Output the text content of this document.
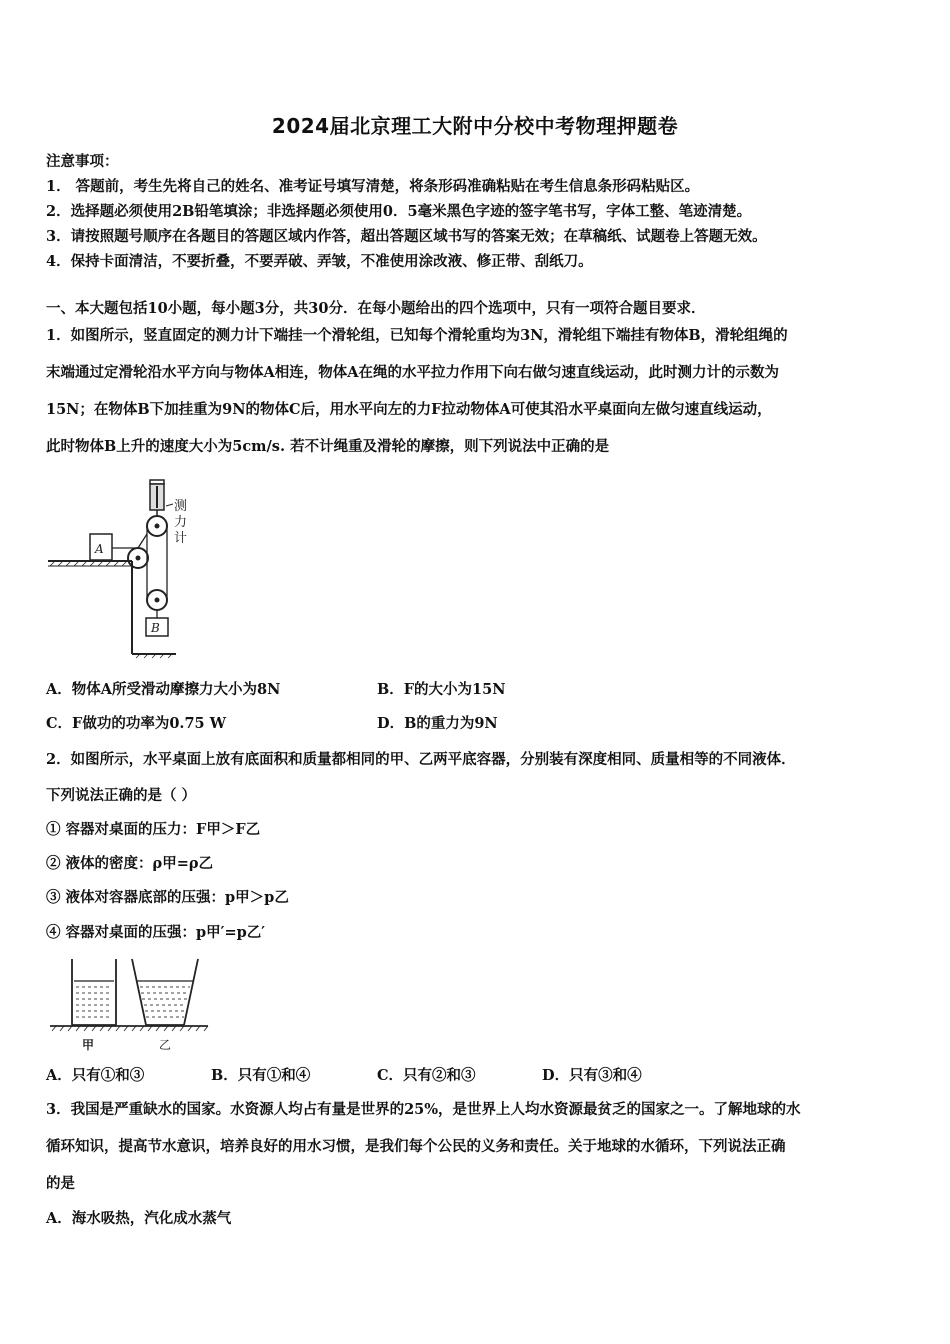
2024届北京理工大附中分校中考物理押题卷
注意事项：
1． 答题前，考生先将自己的姓名、准考证号填写清楚，将条形码准确粘贴在考生信息条形码粘贴区。
2．选择题必须使用2B铅笔填涂；非选择题必须使用0．5毫米黑色字迹的签字笔书写，字体工整、笔迹清楚。
3．请按照题号顺序在各题目的答题区域内作答，超出答题区域书写的答案无效；在草稿纸、试题卷上答题无效。
4．保持卡面清洁，不要折叠，不要弄破、弄皱，不准使用涂改液、修正带、刮纸刀。
一、本大题包括10小题，每小题3分，共30分．在每小题给出的四个选项中，只有一项符合题目要求．
1．如图所示，竖直固定的测力计下端挂一个滑轮组，已知每个滑轮重均为3N，滑轮组下端挂有物体B，滑轮组绳的
末端通过定滑轮沿水平方向与物体A相连，物体A在绳的水平拉力作用下向右做匀速直线运动，此时测力计的示数为
15N；在物体B下加挂重为9N的物体C后，用水平向左的力F拉动物体A可使其沿水平桌面向左做匀速直线运动，
此时物体B上升的速度大小为5cm/s. 若不计绳重及滑轮的摩擦，则下列说法中正确的是
测
力
计
A
B
A．物体A所受滑动摩擦力大小为8N	B．F的大小为15N
C．F做功的功率为0.75 W	D．B的重力为9N
2．如图所示，水平桌面上放有底面积和质量都相同的甲、乙两平底容器，分别装有深度相同、质量相等的不同液体．
下列说法正确的是（ ）
① 容器对桌面的压力：F甲＞F乙
② 液体的密度：ρ甲=ρ乙
③ 液体对容器底部的压强：p甲＞p乙
④ 容器对桌面的压强：p甲′=p乙′
甲	乙
A．只有①和③	B．只有①和④	C．只有②和③	D．只有③和④
3．我国是严重缺水的国家。水资源人均占有量是世界的25%，是世界上人均水资源最贫乏的国家之一。了解地球的水
循环知识，提高节水意识，培养良好的用水习惯，是我们每个公民的义务和责任。关于地球的水循环，下列说法正确
的是
A．海水吸热，汽化成水蒸气
